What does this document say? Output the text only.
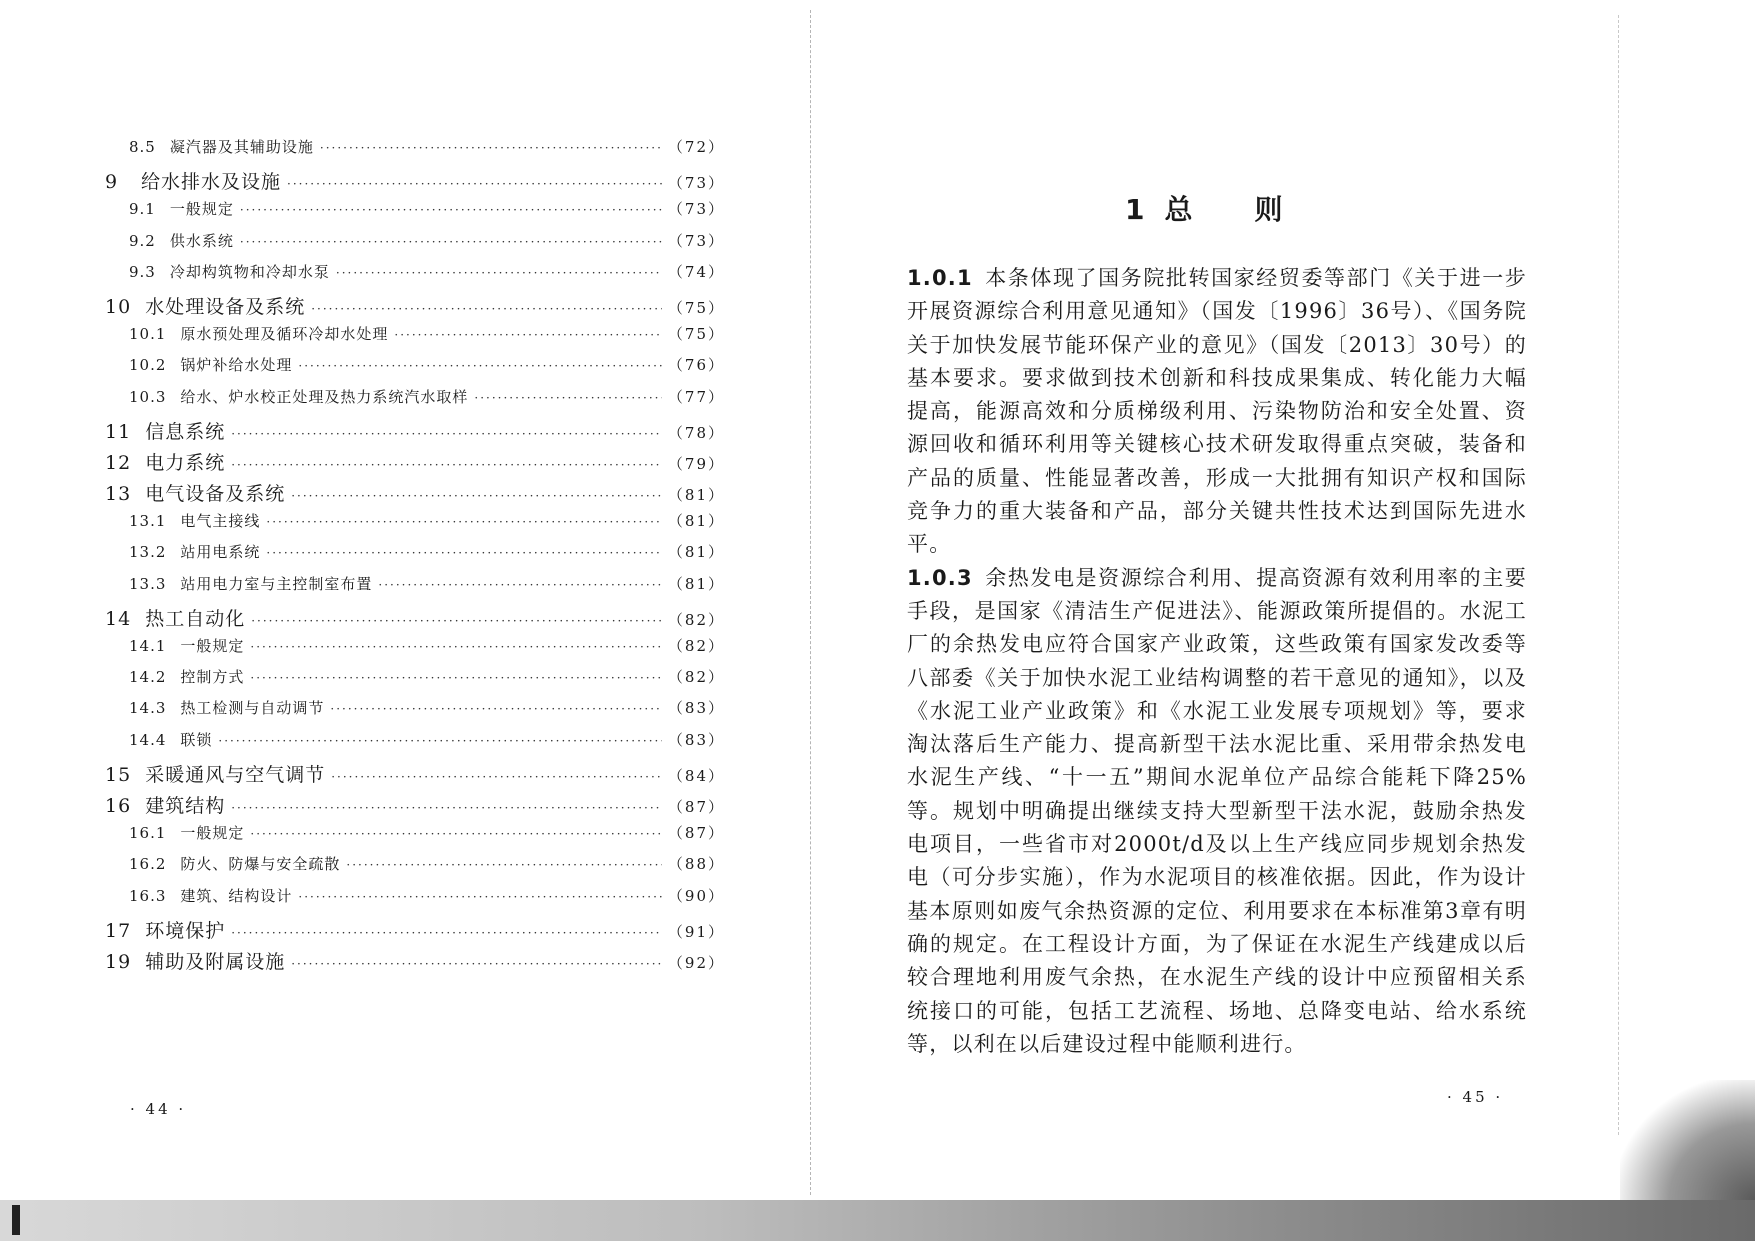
8.5 凝汽器及其辅助设施 ·····	（72）
9	给水排水及设施 ·····	（73）
9.1 一般规定 ·····	（73）
9.2 供水系统 ·····	（73）
9.3 冷却构筑物和冷却水泵 ·····	（74）
10 水处理设备及系统 ·····	（75）
10.1 原水预处理及循环冷却水处理 ·····	（75）
10.2 锅炉补给水处理 ·····	（76）
10.3 给水、炉水校正处理及热力系统汽水取样 ·····	（77）
11 信息系统 ·····	（78）
12 电力系统 ·····	（79）
13 电气设备及系统 ·····	（81）
13.1 电气主接线 ·····	（81）
13.2 站用电系统 ·····	（81）
13.3 站用电力室与主控制室布置 ·····	（81）
14 热工自动化 ·····	（82）
14.1 一般规定 ·····	（82）
14.2 控制方式 ·····	（82）
14.3 热工检测与自动调节 ·····	（83）
14.4 联锁 ·····	（83）
15 采暖通风与空气调节 ·····	（84）
16 建筑结构 ·····	（87）
16.1 一般规定 ·····	（87）
16.2 防火、防爆与安全疏散 ·····	（88）
16.3 建筑、结构设计 ·····	（90）
17 环境保护 ·····	（91）
19 辅助及附属设施 ·····	（92）
· 44 ·
1 总 则

1.0.1 本条体现了国务院批转国家经贸委等部门《关于进一步开展资源综合利用意见通知》（国发〔1996〕36号）、《国务院关于加快发展节能环保产业的意见》（国发〔2013〕30号）的基本要求。要求做到技术创新和科技成果集成、转化能力大幅提高，能源高效和分质梯级利用、污染物防治和安全处置、资源回收和循环利用等关键核心技术研发取得重点突破，装备和产品的质量、性能显著改善，形成一大批拥有知识产权和国际竞争力的重大装备和产品，部分关键共性技术达到国际先进水平。

1.0.3 余热发电是资源综合利用、提高资源有效利用率的主要手段，是国家《清洁生产促进法》、能源政策所提倡的。水泥工厂的余热发电应符合国家产业政策，这些政策有国家发改委等八部委《关于加快水泥工业结构调整的若干意见的通知》，以及《水泥工业产业政策》和《水泥工业发展专项规划》等，要求淘汰落后生产能力、提高新型干法水泥比重、采用带余热发电水泥生产线、“十一五”期间水泥单位产品综合能耗下降25%等。规划中明确提出继续支持大型新型干法水泥，鼓励余热发电项目，一些省市对2000t/d及以上生产线应同步规划余热发电（可分步实施），作为水泥项目的核准依据。因此，作为设计基本原则如废气余热资源的定位、利用要求在本标准第3章有明确的规定。在工程设计方面，为了保证在水泥生产线建成以后较合理地利用废气余热，在水泥生产线的设计中应预留相关系统接口的可能，包括工艺流程、场地、总降变电站、给水系统等，以利在以后建设过程中能顺利进行。

· 45 ·
